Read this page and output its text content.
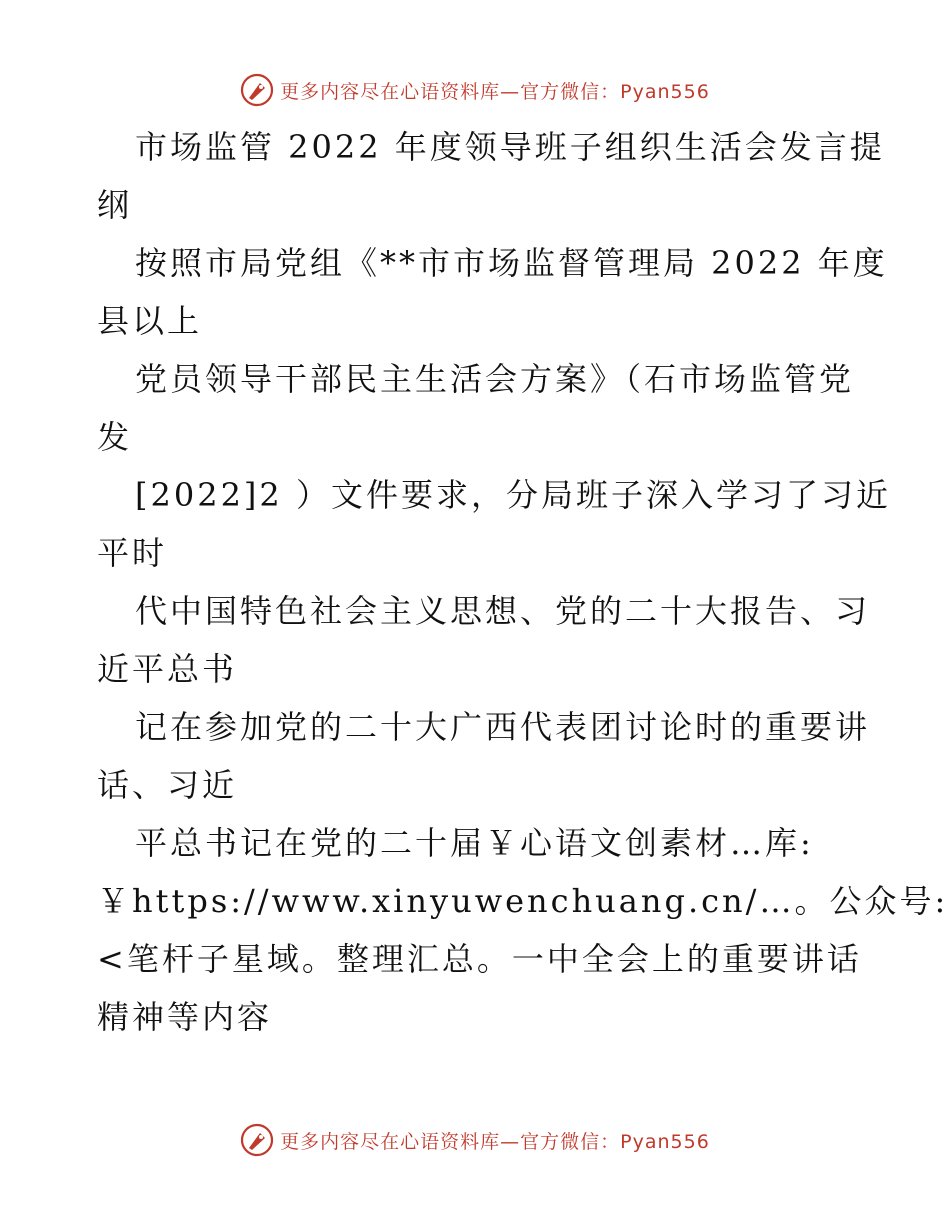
更多内容尽在心语资料库—官方微信：Pyan556
市场监管 2022 年度领导班子组织生活会发言提
纲
按照市局党组《**市市场监督管理局 2022 年度
县以上
党员领导干部民主生活会方案》（石市场监管党
发
[2022]2 ）文件要求，分局班子深入学习了习近
平时
代中国特色社会主义思想、党的二十大报告、习
近平总书
记在参加党的二十大广西代表团讨论时的重要讲
话、习近
平总书记在党的二十届￥心语文创素材…库:
￥https://www.xinyuwenchuang.cn/…。公众号:
<笔杆子星域。整理汇总。一中全会上的重要讲话
精神等内容
更多内容尽在心语资料库—官方微信：Pyan556
